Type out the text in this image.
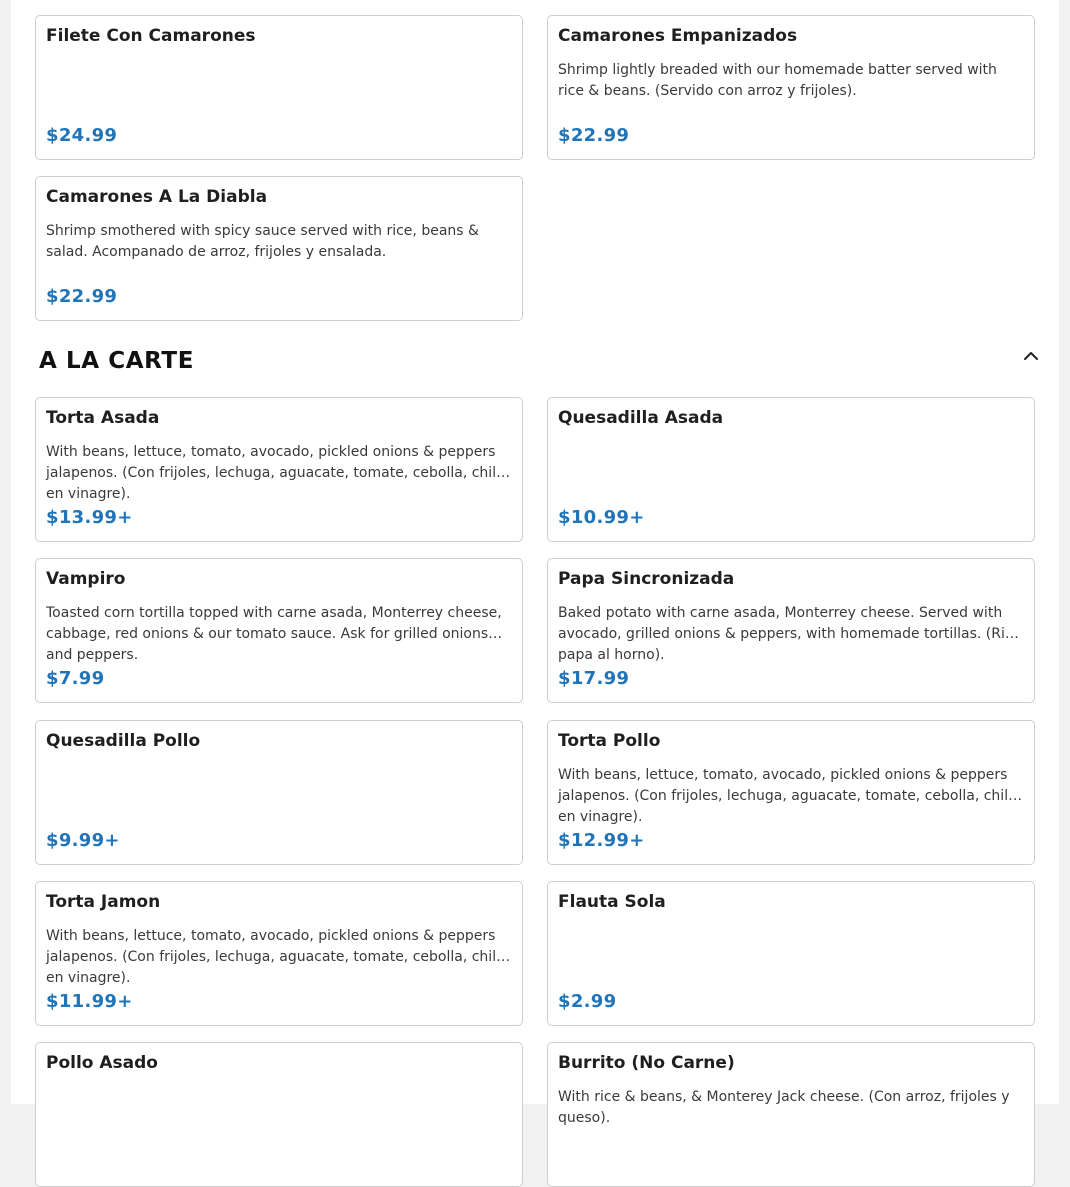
Filete Con Camarones
$24.99
Camarones Empanizados
Shrimp lightly breaded with our homemade batter served with rice & beans. (Servido con arroz y frijoles).
$22.99
Camarones A La Diabla
Shrimp smothered with spicy sauce served with rice, beans & salad. Acompanado de arroz, frijoles y ensalada.
$22.99
A LA CARTE
Torta Asada
With beans, lettuce, tomato, avocado, pickled onions & peppers jalapenos. (Con frijoles, lechuga, aguacate, tomate, cebolla, chiles en vinagre).
$13.99+
Quesadilla Asada
$10.99+
Vampiro
Toasted corn tortilla topped with carne asada, Monterrey cheese, cabbage, red onions & our tomato sauce. Ask for grilled onions and peppers.
$7.99
Papa Sincronizada
Baked potato with carne asada, Monterrey cheese. Served with avocado, grilled onions & peppers, with homemade tortillas. (Rica papa al horno).
$17.99
Quesadilla Pollo
$9.99+
Torta Pollo
With beans, lettuce, tomato, avocado, pickled onions & peppers jalapenos. (Con frijoles, lechuga, aguacate, tomate, cebolla, chiles en vinagre).
$12.99+
Torta Jamon
With beans, lettuce, tomato, avocado, pickled onions & peppers jalapenos. (Con frijoles, lechuga, aguacate, tomate, cebolla, chiles en vinagre).
$11.99+
Flauta Sola
$2.99
Pollo Asado	Burrito (No Carne)
With rice & beans, & Monterey Jack cheese. (Con arroz, frijoles y queso).
